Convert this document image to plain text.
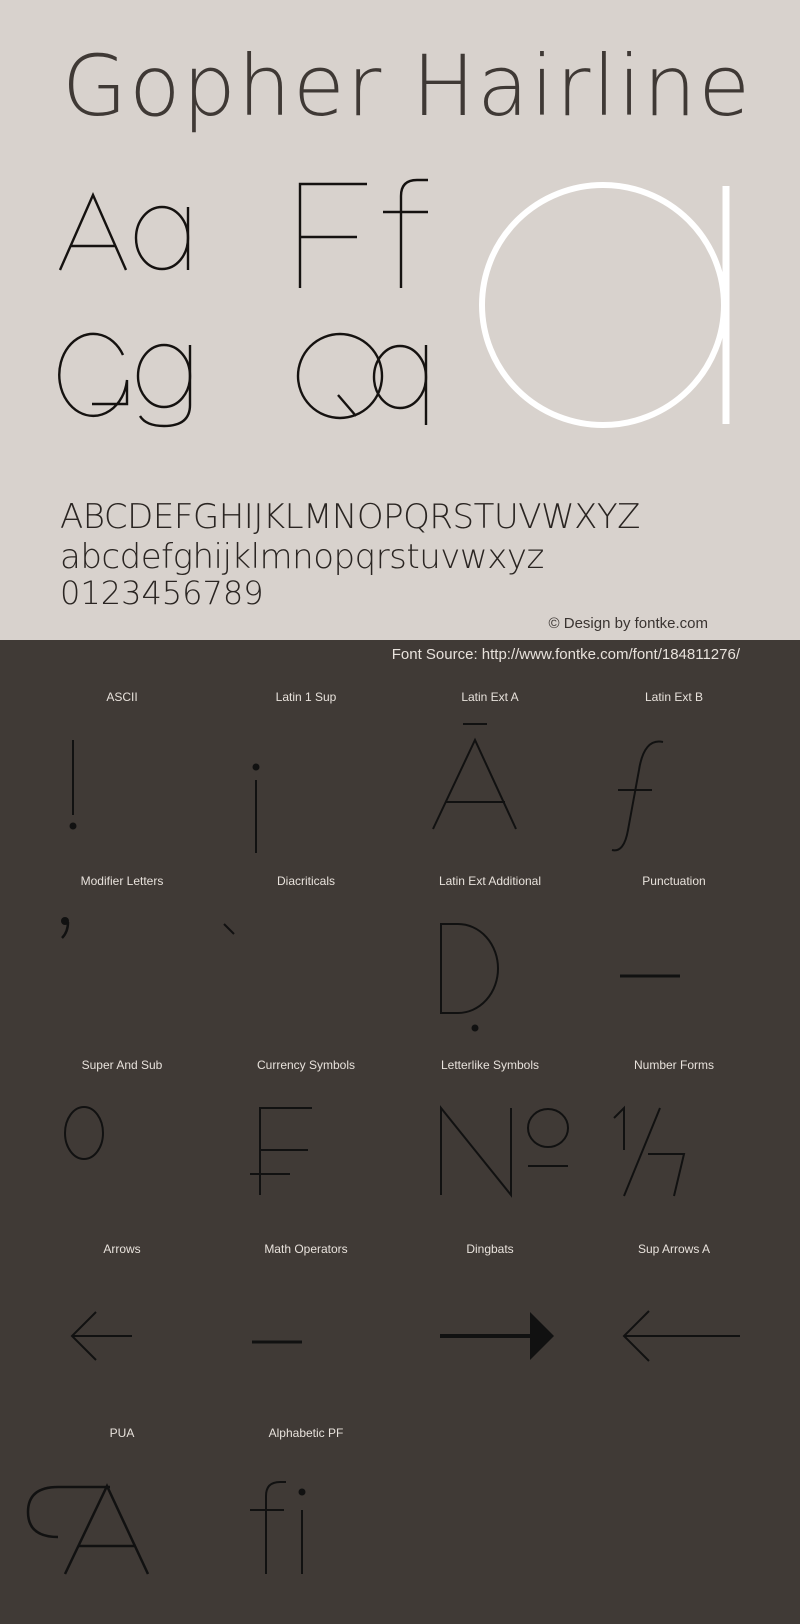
Gopher Hairline
ABCDEFGHIJKLMNOPQRSTUVWXYZ
abcdefghijklmnopqrstuvwxyz
0123456789
© Design by fontke.com
Font Source: http://www.fontke.com/font/184811276/
ASCII	Latin 1 Sup	Latin Ext A	Latin Ext B
Modifier Letters	Diacriticals	Latin Ext Additional	Punctuation
Super And Sub	Currency Symbols	Letterlike Symbols	Number Forms
Arrows	Math Operators	Dingbats	Sup Arrows A
PUA	Alphabetic PF
